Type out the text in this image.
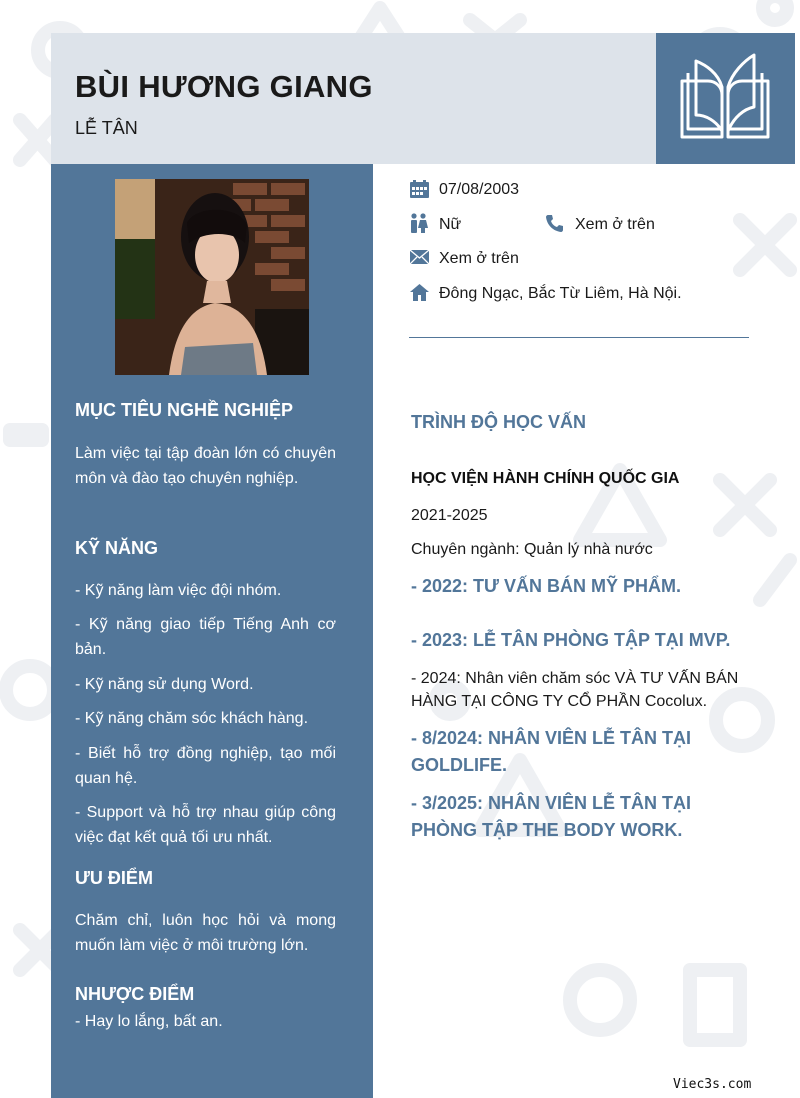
BÙI HƯƠNG GIANG
LỄ TÂN
MỤC TIÊU NGHỀ NGHIỆP
Làm việc tại tập đoàn lớn có chuyên môn và đào tạo chuyên nghiệp.
KỸ NĂNG
- Kỹ năng làm việc đội nhóm.
- Kỹ năng giao tiếp Tiếng Anh cơ bản.
- Kỹ năng sử dụng Word.
- Kỹ năng chăm sóc khách hàng.
- Biết hỗ trợ đồng nghiệp, tạo mối quan hệ.
- Support và hỗ trợ nhau giúp công việc đạt kết quả tối ưu nhất.
ƯU ĐIỂM
Chăm chỉ, luôn học hỏi và mong muốn làm việc ở môi trường lớn.
NHƯỢC ĐIỂM
- Hay lo lắng, bất an.
07/08/2003
Nữ	Xem ở trên
Xem ở trên
Đông Ngạc, Bắc Từ Liêm, Hà Nội.
TRÌNH ĐỘ HỌC VẤN
HỌC VIỆN HÀNH CHÍNH QUỐC GIA
2021-2025
Chuyên ngành: Quản lý nhà nước
- 2022: TƯ VẤN BÁN MỸ PHẨM.
- 2023: LỄ TÂN PHÒNG TẬP TẠI MVP.
- 2024: Nhân viên chăm sóc VÀ TƯ VẤN BÁN HÀNG TẠI CÔNG TY CỔ PHẦN Cocolux.
- 8/2024: NHÂN VIÊN LỄ TÂN TẠI GOLDLIFE.
- 3/2025: NHÂN VIÊN LỄ TÂN TẠI PHÒNG TẬP THE BODY WORK.
Viec3s.com
